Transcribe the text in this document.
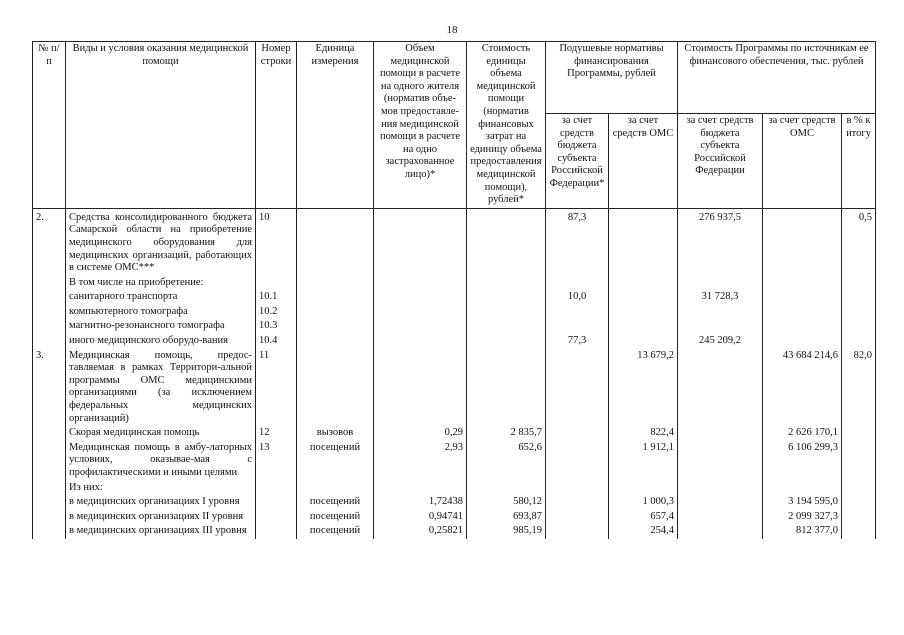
18
№ п/п	Виды и условия оказания медицинской помощи	Номер строки	Единица измерения	Объем медицинской помощи в расчете на одного жителя (норматив объе-мов предоставле-ния медицинской помощи в расчете на одно застрахованное лицо)*	Стоимость единицы объема медицинской помощи (норматив финансовых затрат на единицу объема предоставления медицинской помощи), рублей*	Подушевые нормативы финансирования Программы, рублей		Стоимость Программы по источникам ее финансового обеспечения, тыс. рублей		
						за счет средств бюджета субъекта Российской Федерации*	за счет средств ОМС	за счет средств бюджета субъекта Российской Федерации	за счет средств ОМС	в % к итогу
2.	Средства консолидированного бюджета Самарской области на приобретение медицинского оборудования для медицинских организаций, работающих в системе ОМС***	10				87,3		276 937,5		0,5
	В том числе на приобретение:									
	санитарного транспорта	10.1				10,0		31 728,3		
	компьютерного томографа	10.2								
	магнитно-резонансного томографа	10.3								
	иного медицинского оборудо-вания	10.4				77,3		245 209,2		
3.	Медицинская помощь, предос-тавляемая в рамках Территори-альной программы ОМС медицинскими организациями (за исключением федеральных медицинских организаций)	11					13 679,2		43 684 214,6	82,0
	Скорая медицинская помощь	12	вызовов	0,29	2 835,7		822,4		2 626 170,1	
	Медицинская помощь в амбу-латорных условиях, оказывае-мая с профилактическими и иными целями	13	посещений	2,93	652,6		1 912,1		6 106 299,3	
	Из них:									
	в медицинских организациях I уровня		посещений	1,72438	580,12		1 000,3		3 194 595,0	
	в медицинских организациях II уровня		посещений	0,94741	693,87		657,4		2 099 327,3	
	в медицинских организациях III уровня		посещений	0,25821	985,19		254,4		812 377,0	
